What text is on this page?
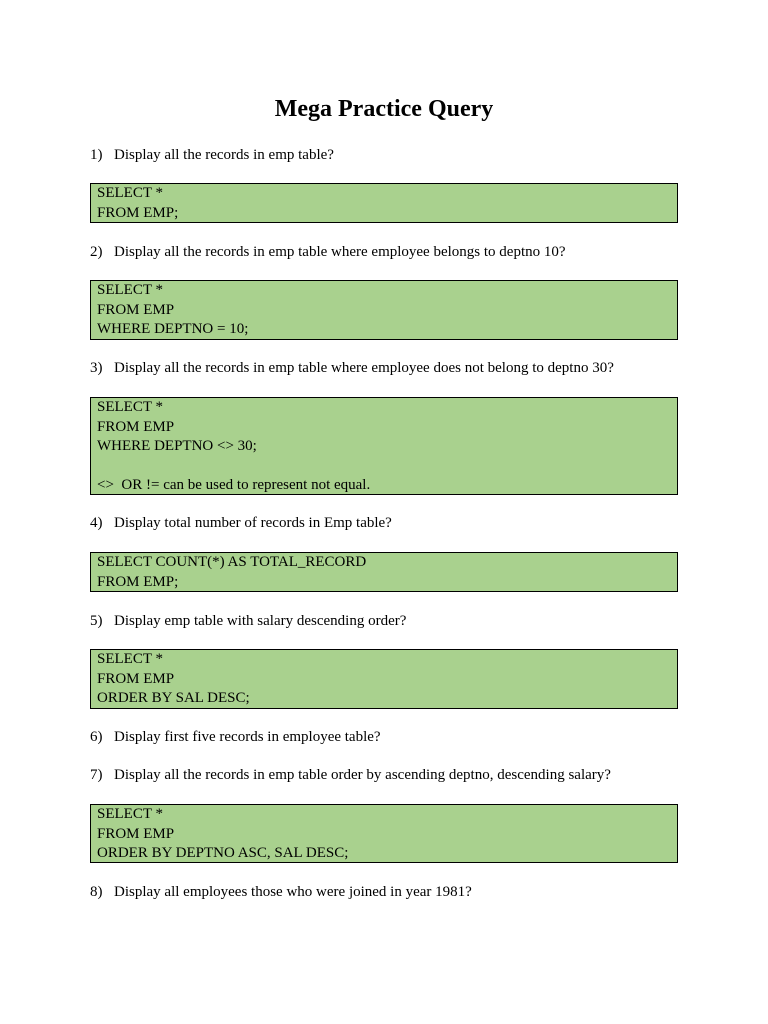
Mega Practice Query
1) Display all the records in emp table?
SELECT *
FROM EMP;
2) Display all the records in emp table where employee belongs to deptno 10?
SELECT *
FROM EMP
WHERE DEPTNO = 10;
3) Display all the records in emp table where employee does not belong to deptno 30?
SELECT *
FROM EMP
WHERE DEPTNO <> 30;
<>  OR != can be used to represent not equal.
4) Display total number of records in Emp table?
SELECT COUNT(*) AS TOTAL_RECORD
FROM EMP;
5) Display emp table with salary descending order?
SELECT *
FROM EMP
ORDER BY SAL DESC;
6) Display first five records in employee table?
7) Display all the records in emp table order by ascending deptno, descending salary?
SELECT *
FROM EMP
ORDER BY DEPTNO ASC, SAL DESC;
8) Display all employees those who were joined in year 1981?
